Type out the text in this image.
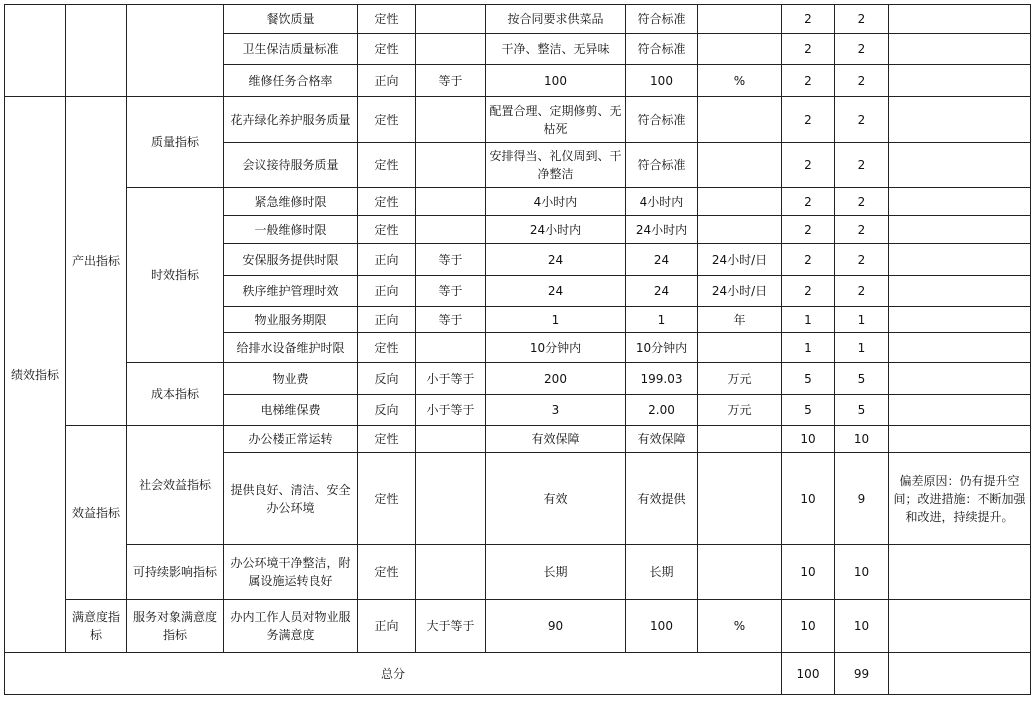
			餐饮质量	定性		按合同要求供菜品	符合标准		2	2	
			卫生保洁质量标准	定性		干净、整洁、无异味	符合标准		2	2	
			维修任务合格率	正向	等于	100	100	%	2	2	
绩效指标	产出指标	质量指标	花卉绿化养护服务质量	定性		配置合理、定期修剪、无枯死	符合标准		2	2	
			会议接待服务质量	定性		安排得当、礼仪周到、干净整洁	符合标准		2	2	
		时效指标	紧急维修时限	定性		4小时内	4小时内		2	2	
			一般维修时限	定性		24小时内	24小时内		2	2	
			安保服务提供时限	正向	等于	24	24	24小时/日	2	2	
			秩序维护管理时效	正向	等于	24	24	24小时/日	2	2	
			物业服务期限	正向	等于	1	1	年	1	1	
			给排水设备维护时限	定性		10分钟内	10分钟内		1	1	
		成本指标	物业费	反向	小于等于	200	199.03	万元	5	5	
			电梯维保费	反向	小于等于	3	2.00	万元	5	5	
	效益指标	社会效益指标	办公楼正常运转	定性		有效保障	有效保障		10	10	
			提供良好、清洁、安全办公环境	定性		有效	有效提供		10	9	偏差原因：仍有提升空间；改进措施：不断加强和改进，持续提升。
		可持续影响指标	办公环境干净整洁，附属设施运转良好	定性		长期	长期		10	10	
	满意度指标	服务对象满意度指标	办内工作人员对物业服务满意度	正向	大于等于	90	100	%	10	10	
总分									100	99	
